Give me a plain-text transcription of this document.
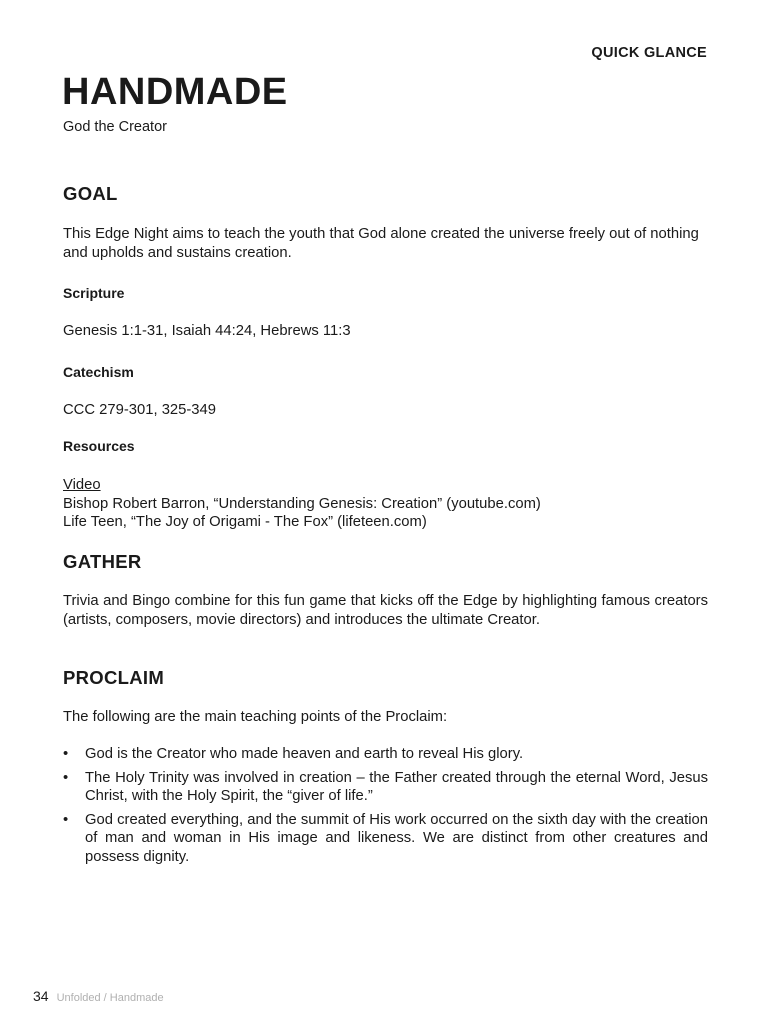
QUICK GLANCE
HANDMADE
God the Creator
GOAL
This Edge Night aims to teach the youth that God alone created the universe freely out of nothing and upholds and sustains creation.
Scripture
Genesis 1:1-31, Isaiah 44:24, Hebrews 11:3
Catechism
CCC 279-301, 325-349
Resources
Video
Bishop Robert Barron, “Understanding Genesis: Creation” (youtube.com)
Life Teen, “The Joy of Origami - The Fox” (lifeteen.com)
GATHER
Trivia and Bingo combine for this fun game that kicks off the Edge by highlighting famous creators (artists, composers, movie directors) and introduces the ultimate Creator.
PROCLAIM
The following are the main teaching points of the Proclaim:
• God is the Creator who made heaven and earth to reveal His glory.
• The Holy Trinity was involved in creation – the Father created through the eternal Word, Jesus Christ, with the Holy Spirit, the “giver of life.”
• God created everything, and the summit of His work occurred on the sixth day with the creation of man and woman in His image and likeness. We are distinct from other creatures and possess dignity.
34 Unfolded / Handmade
